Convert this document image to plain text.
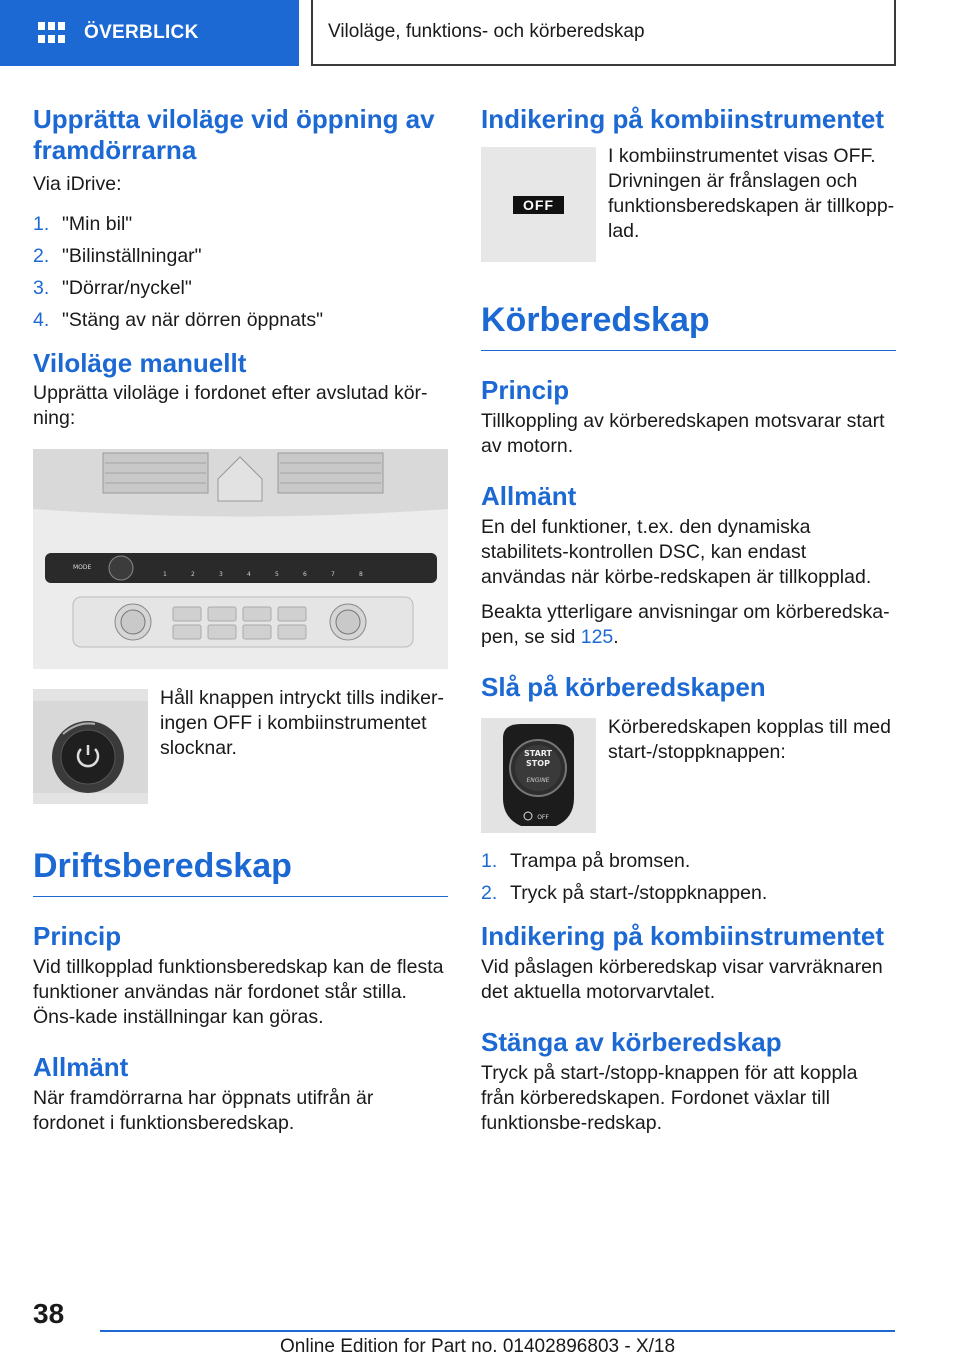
ÖVERBLICK	Viloläge, funktions- och körberedskap
Upprätta viloläge vid öppning av framdörrarna

Via iDrive:

1. "Min bil"
2. "Bilinställningar"
3. "Dörrar/nyckel"
4. "Stäng av när dörren öppnats"
Viloläge manuellt

Upprätta viloläge i fordonet efter avslutad kör-ning:

MODE
1	2	3	4	5	6	7	8

Håll knappen intryckt tills indiker-ingen OFF i kombiinstrumentet slocknar.

Driftsberedskap
Princip

Vid tillkopplad funktionsberedskap kan de flesta funktioner användas när fordonet står stilla. Öns-kade inställningar kan göras.

Allmänt

När framdörrarna har öppnats utifrån är fordonet i funktionsberedskap.

Indikering på kombiinstrumentet
OFF

I kombiinstrumentet visas OFF. Drivningen är frånslagen och funktionsberedskapen är tillkopp-lad.

Körberedskap
Princip

Tillkoppling av körberedskapen motsvarar start av motorn.

Allmänt

En del funktioner, t.ex. den dynamiska stabilitets-kontrollen DSC, kan endast användas när körbe-redskapen är tillkopplad.

Beakta ytterligare anvisningar om körberedska-pen, se sid 125.

Slå på körberedskapen
START
STOP
ENGINE
OFF

Körberedskapen kopplas till med start-/stoppknappen:

1. Trampa på bromsen.
2. Tryck på start-/stoppknappen.
Indikering på kombiinstrumentet

Vid påslagen körberedskap visar varvräknaren det aktuella motorvarvtalet.

Stänga av körberedskap

Tryck på start-/stopp-knappen för att koppla från körberedskapen. Fordonet växlar till funktionsbe-redskap.

38
Online Edition for Part no. 01402896803 - X/18
